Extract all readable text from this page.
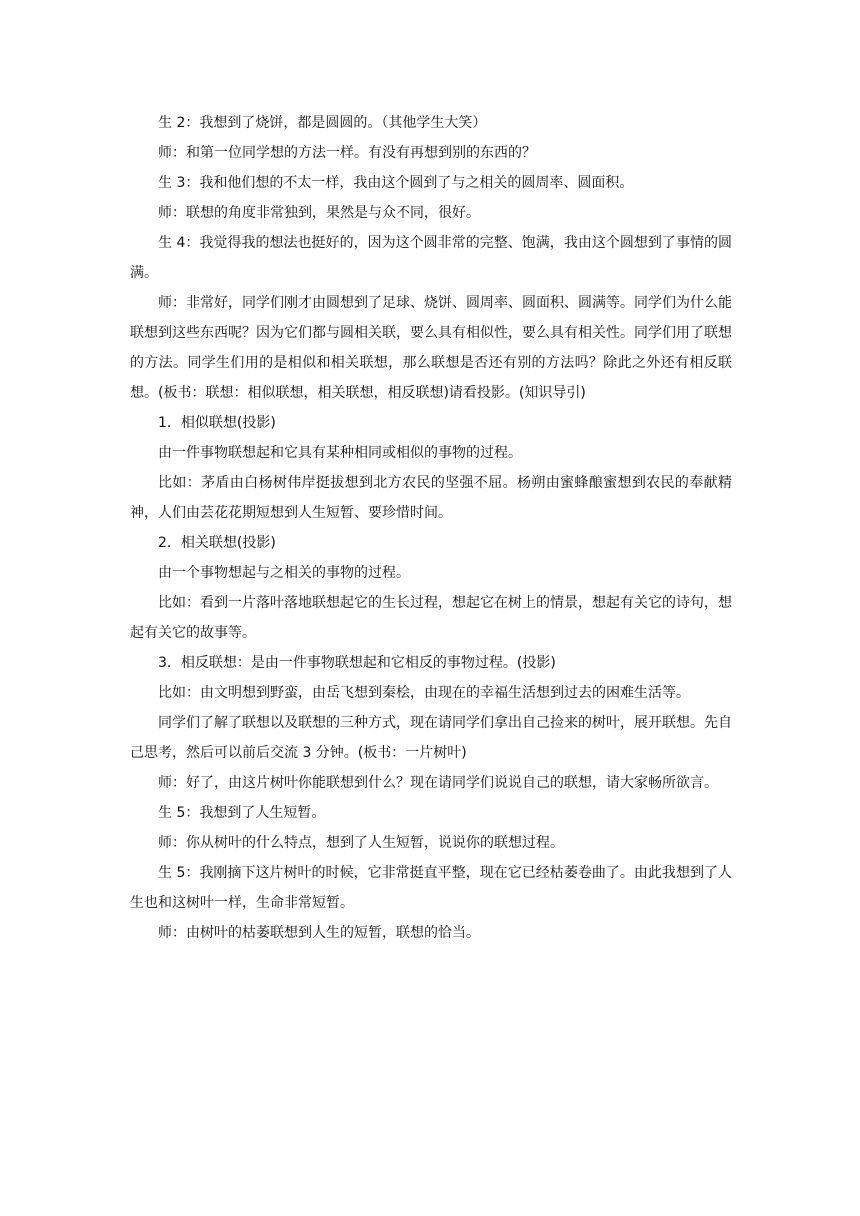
生 2：我想到了烧饼，都是圆圆的。（其他学生大笑）

师：和第一位同学想的方法一样。有没有再想到别的东西的？

生 3：我和他们想的不太一样，我由这个圆到了与之相关的圆周率、圆面积。

师：联想的角度非常独到，果然是与众不同，很好。

生 4：我觉得我的想法也挺好的，因为这个圆非常的完整、饱满，我由这个圆想到了事情的圆满。

师：非常好，同学们刚才由圆想到了足球、烧饼、圆周率、圆面积、圆满等。同学们为什么能联想到这些东西呢？因为它们都与圆相关联，要么具有相似性，要么具有相关性。同学们用了联想的方法。同学生们用的是相似和相关联想，那么联想是否还有别的方法吗？除此之外还有相反联想。(板书：联想：相似联想，相关联想，相反联想)请看投影。(知识导引)

1．相似联想(投影)

由一件事物联想起和它具有某种相同或相似的事物的过程。

比如：茅盾由白杨树伟岸挺拔想到北方农民的坚强不屈。杨朔由蜜蜂酿蜜想到农民的奉献精神，人们由芸花花期短想到人生短暂、要珍惜时间。

2．相关联想(投影)

由一个事物想起与之相关的事物的过程。

比如：看到一片落叶落地联想起它的生长过程，想起它在树上的情景，想起有关它的诗句，想起有关它的故事等。

3．相反联想：是由一件事物联想起和它相反的事物过程。(投影)

比如：由文明想到野蛮，由岳飞想到秦桧，由现在的幸福生活想到过去的困难生活等。

同学们了解了联想以及联想的三种方式，现在请同学们拿出自己捡来的树叶，展开联想。先自己思考，然后可以前后交流 3 分钟。(板书：一片树叶)

师：好了，由这片树叶你能联想到什么？现在请同学们说说自己的联想，请大家畅所欲言。

生 5：我想到了人生短暂。

师：你从树叶的什么特点，想到了人生短暂，说说你的联想过程。

生 5：我刚摘下这片树叶的时候，它非常挺直平整，现在它已经枯萎卷曲了。由此我想到了人生也和这树叶一样，生命非常短暂。

师：由树叶的枯萎联想到人生的短暂，联想的恰当。
